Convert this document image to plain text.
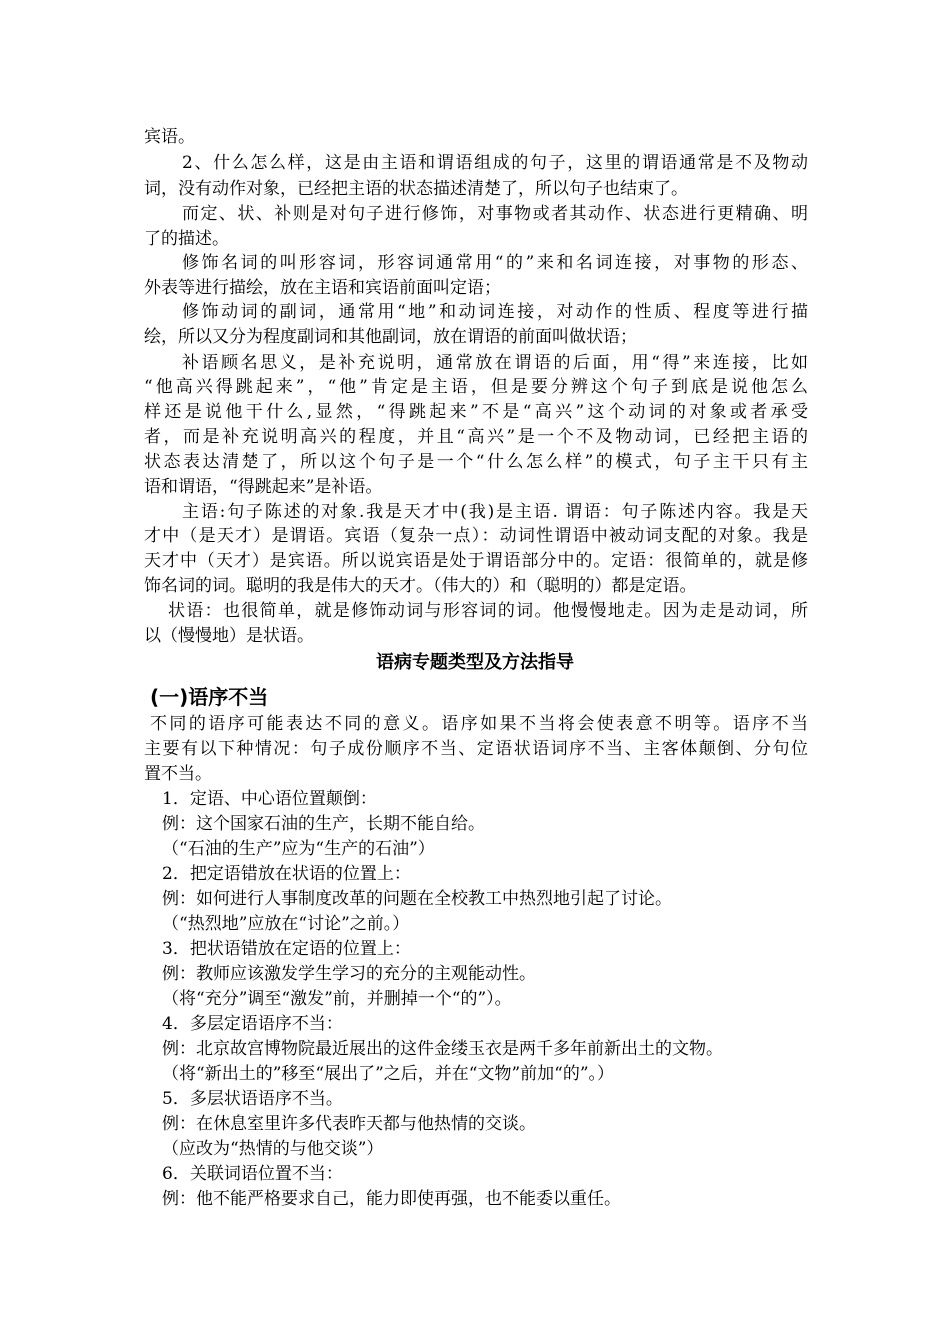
宾语。
2、什么怎么样，这是由主语和谓语组成的句子，这里的谓语通常是不及物动
词，没有动作对象，已经把主语的状态描述清楚了，所以句子也结束了。
而定、状、补则是对句子进行修饰，对事物或者其动作、状态进行更精确、明
了的描述。
修饰名词的叫形容词，形容词通常用“的”来和名词连接，对事物的形态、
外表等进行描绘，放在主语和宾语前面叫定语；
修饰动词的副词，通常用“地”和动词连接，对动作的性质、程度等进行描
绘，所以又分为程度副词和其他副词，放在谓语的前面叫做状语；
补语顾名思义，是补充说明，通常放在谓语的后面，用“得”来连接，比如
“他高兴得跳起来”，“他”肯定是主语，但是要分辨这个句子到底是说他怎么
样还是说他干什么,显然，“得跳起来”不是“高兴”这个动词的对象或者承受
者，而是补充说明高兴的程度，并且“高兴”是一个不及物动词，已经把主语的
状态表达清楚了，所以这个句子是一个“什么怎么样”的模式，句子主干只有主
语和谓语，“得跳起来”是补语。
主语:句子陈述的对象.我是天才中(我)是主语. 谓语：句子陈述内容。我是天
才中（是天才）是谓语。宾语（复杂一点）：动词性谓语中被动词支配的对象。我是
天才中（天才）是宾语。所以说宾语是处于谓语部分中的。定语：很简单的，就是修
饰名词的词。聪明的我是伟大的天才。（伟大的）和（聪明的）都是定语。
状语：也很简单，就是修饰动词与形容词的词。他慢慢地走。因为走是动词，所
以（慢慢地）是状语。
语病专题类型及方法指导
(一)语序不当
不同的语序可能表达不同的意义。语序如果不当将会使表意不明等。语序不当
主要有以下种情况：句子成份顺序不当、定语状语词序不当、主客体颠倒、分句位
置不当。
1．定语、中心语位置颠倒：
例：这个国家石油的生产，长期不能自给。
（“石油的生产”应为“生产的石油”）
2．把定语错放在状语的位置上：
例：如何进行人事制度改革的问题在全校教工中热烈地引起了讨论。
（“热烈地”应放在“讨论”之前。）
3．把状语错放在定语的位置上：
例：教师应该激发学生学习的充分的主观能动性。
（将“充分”调至“激发”前，并删掉一个“的”）。
4．多层定语语序不当：
例：北京故宫博物院最近展出的这件金缕玉衣是两千多年前新出土的文物。
（将“新出土的”移至“展出了”之后，并在“文物”前加“的”。）
5．多层状语语序不当。
例：在休息室里许多代表昨天都与他热情的交谈。
（应改为“热情的与他交谈”）
6．关联词语位置不当：
例：他不能严格要求自己，能力即使再强，也不能委以重任。
